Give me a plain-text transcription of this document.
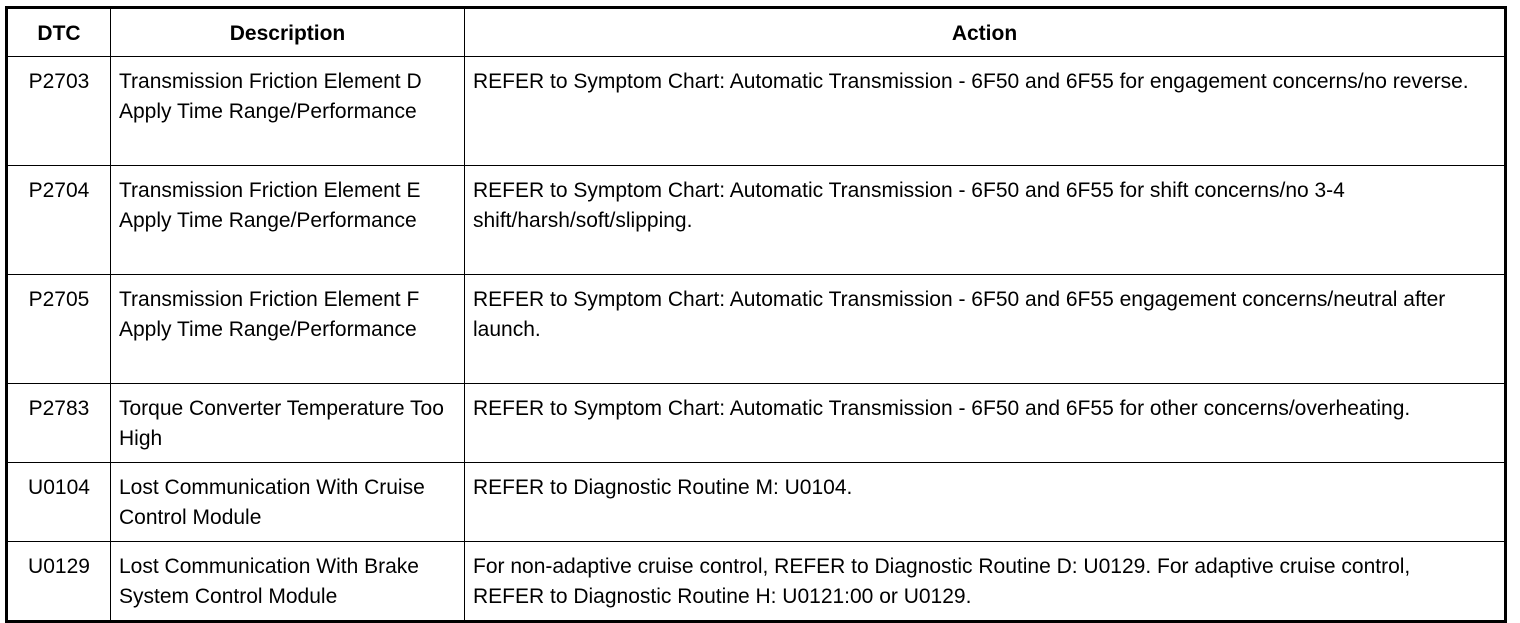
DTC	Description	Action
P2703	Transmission Friction Element D Apply Time Range/Performance	REFER to Symptom Chart: Automatic Transmission - 6F50 and 6F55 for engagement concerns/no reverse.
P2704	Transmission Friction Element E Apply Time Range/Performance	REFER to Symptom Chart: Automatic Transmission - 6F50 and 6F55 for shift concerns/no 3-4 shift/harsh/soft/slipping.
P2705	Transmission Friction Element F Apply Time Range/Performance	REFER to Symptom Chart: Automatic Transmission - 6F50 and 6F55 engagement concerns/neutral after launch.
P2783	Torque Converter Temperature Too High	REFER to Symptom Chart: Automatic Transmission - 6F50 and 6F55 for other concerns/overheating.
U0104	Lost Communication With Cruise Control Module	REFER to Diagnostic Routine M: U0104.
U0129	Lost Communication With Brake System Control Module	For non-adaptive cruise control, REFER to Diagnostic Routine D: U0129. For adaptive cruise control, REFER to Diagnostic Routine H: U0121:00 or U0129.
